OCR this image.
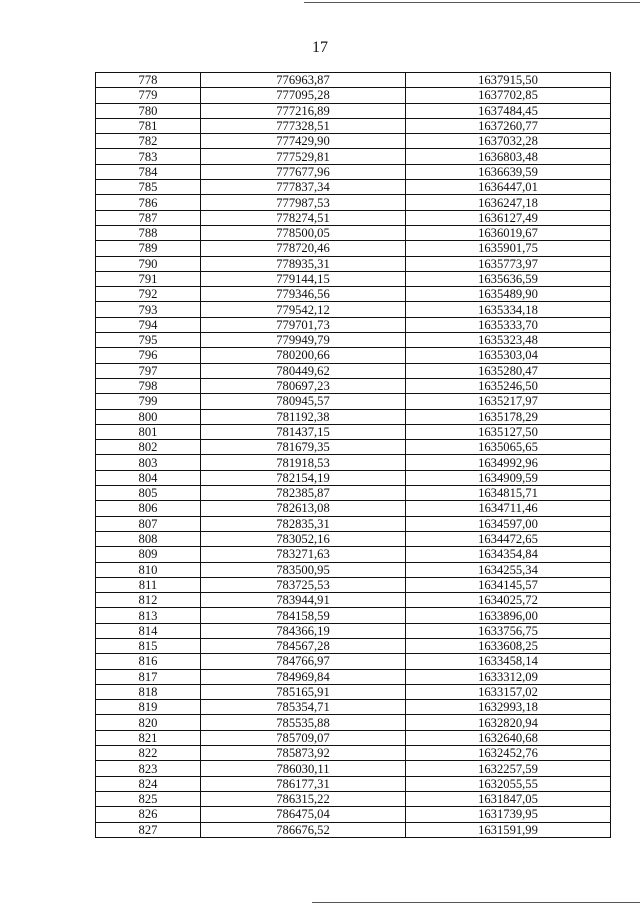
17
778	776963,87	1637915,50
779	777095,28	1637702,85
780	777216,89	1637484,45
781	777328,51	1637260,77
782	777429,90	1637032,28
783	777529,81	1636803,48
784	777677,96	1636639,59
785	777837,34	1636447,01
786	777987,53	1636247,18
787	778274,51	1636127,49
788	778500,05	1636019,67
789	778720,46	1635901,75
790	778935,31	1635773,97
791	779144,15	1635636,59
792	779346,56	1635489,90
793	779542,12	1635334,18
794	779701,73	1635333,70
795	779949,79	1635323,48
796	780200,66	1635303,04
797	780449,62	1635280,47
798	780697,23	1635246,50
799	780945,57	1635217,97
800	781192,38	1635178,29
801	781437,15	1635127,50
802	781679,35	1635065,65
803	781918,53	1634992,96
804	782154,19	1634909,59
805	782385,87	1634815,71
806	782613,08	1634711,46
807	782835,31	1634597,00
808	783052,16	1634472,65
809	783271,63	1634354,84
810	783500,95	1634255,34
811	783725,53	1634145,57
812	783944,91	1634025,72
813	784158,59	1633896,00
814	784366,19	1633756,75
815	784567,28	1633608,25
816	784766,97	1633458,14
817	784969,84	1633312,09
818	785165,91	1633157,02
819	785354,71	1632993,18
820	785535,88	1632820,94
821	785709,07	1632640,68
822	785873,92	1632452,76
823	786030,11	1632257,59
824	786177,31	1632055,55
825	786315,22	1631847,05
826	786475,04	1631739,95
827	786676,52	1631591,99
